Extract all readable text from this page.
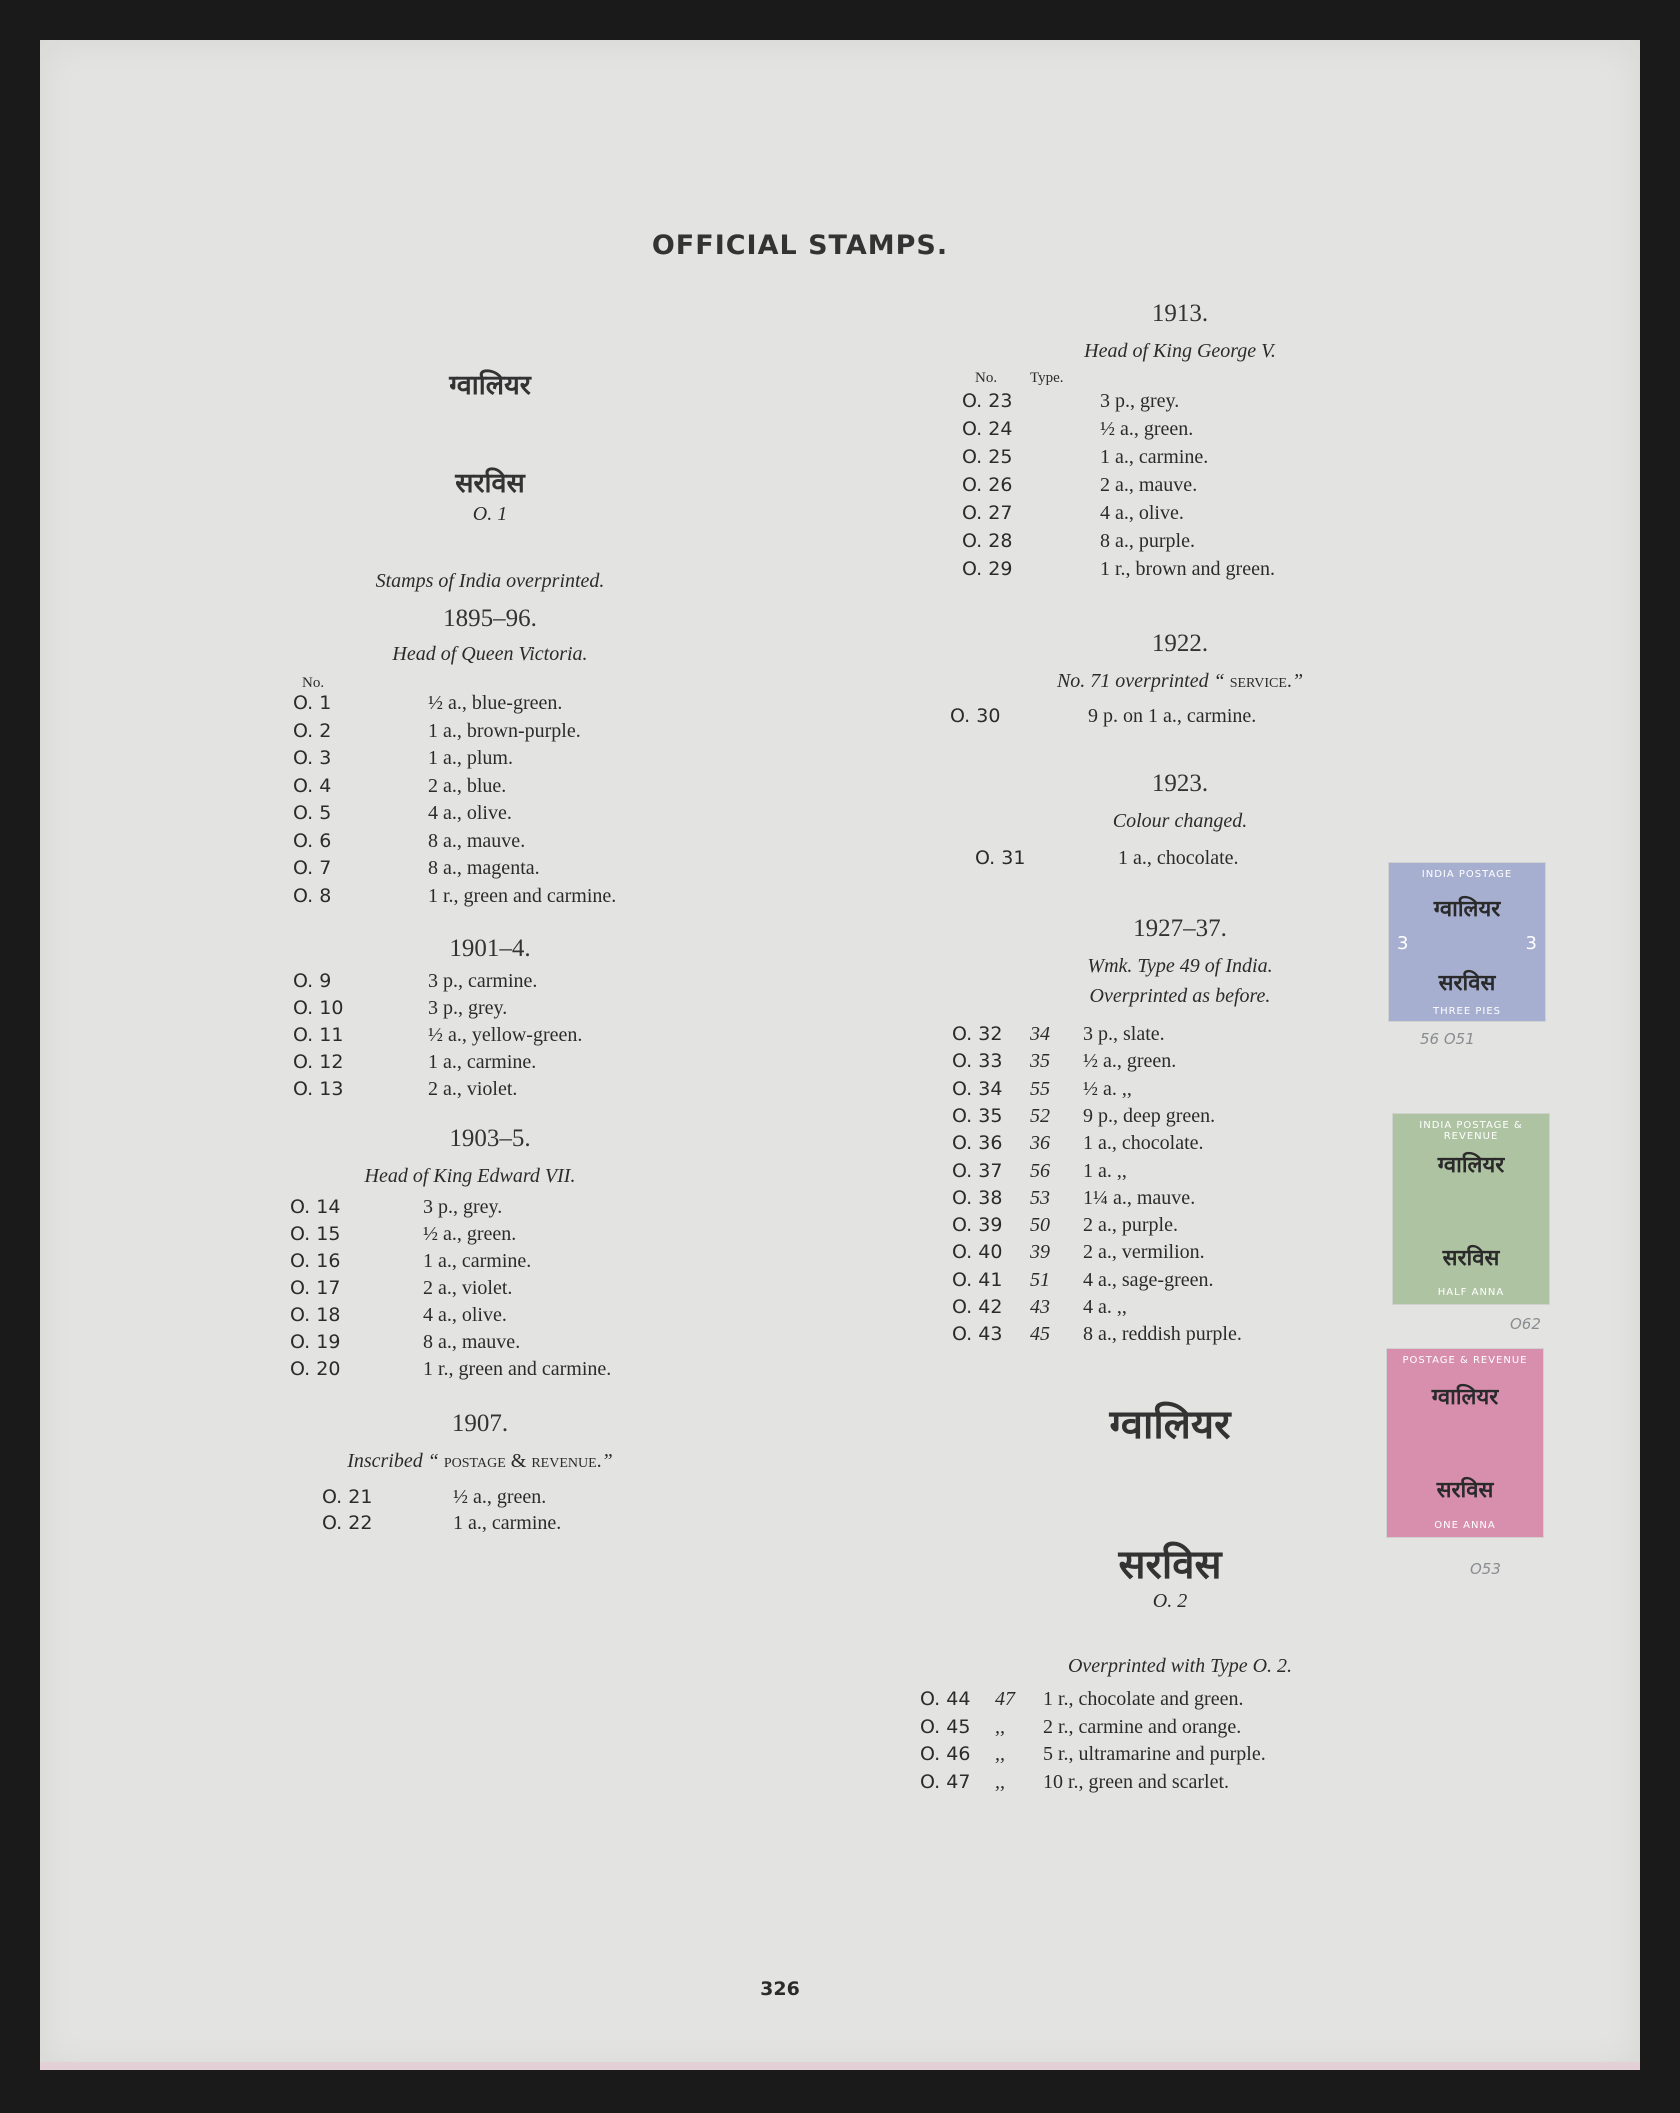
OFFICIAL STAMPS.
ग्वालियर
सरविस
O. 1
Stamps of India overprinted.
1895–96.
Head of Queen Victoria.
No.
O. 1	½ a., blue-green.
O. 2	1 a., brown-purple.
O. 3	1 a., plum.
O. 4	2 a., blue.
O. 5	4 a., olive.
O. 6	8 a., mauve.
O. 7	8 a., magenta.
O. 8	1 r., green and carmine.
1901–4.
O. 9	3 p., carmine.
O. 10	3 p., grey.
O. 11	½ a., yellow-green.
O. 12	1 a., carmine.
O. 13	2 a., violet.
1903–5.
Head of King Edward VII.
O. 14	3 p., grey.
O. 15	½ a., green.
O. 16	1 a., carmine.
O. 17	2 a., violet.
O. 18	4 a., olive.
O. 19	8 a., mauve.
O. 20	1 r., green and carmine.
1907.
Inscribed “ postage & revenue.”
O. 21	½ a., green.
O. 22	1 a., carmine.
1913.
Head of King George V.
No. Type.
O. 23	3 p., grey.
O. 24	½ a., green.
O. 25	1 a., carmine.
O. 26	2 a., mauve.
O. 27	4 a., olive.
O. 28	8 a., purple.
O. 29	1 r., brown and green.
1922.
No. 71 overprinted “ service.”
O. 30	9 p. on 1 a., carmine.
1923.
Colour changed.
O. 31	1 a., chocolate.
1927–37.
Wmk. Type 49 of India.
Overprinted as before.
O. 32 34 3 p., slate.
O. 33 35 ½ a., green.
O. 34 55 ½ a. ,,
O. 35 52 9 p., deep green.
O. 36 36 1 a., chocolate.
O. 37 56 1 a. ,,
O. 38 53 1¼ a., mauve.
O. 39 50 2 a., purple.
O. 40 39 2 a., vermilion.
O. 41 51 4 a., sage-green.
O. 42 43 4 a. ,,
O. 43 45 8 a., reddish purple.
ग्वालियर
सरविस
O. 2
Overprinted with Type O. 2.
O. 44 47 1 r., chocolate and green.
O. 45 ,, 2 r., carmine and orange.
O. 46 ,, 5 r., ultramarine and purple.
O. 47 ,, 10 r., green and scarlet.
INDIA POSTAGE
ग्वालियर
3	3
सरविस
THREE PIES
56 O51
INDIA POSTAGE & REVENUE
ग्वालियर
सरविस
HALF ANNA
O62
POSTAGE & REVENUE
ग्वालियर
सरविस
ONE ANNA
O53
326
